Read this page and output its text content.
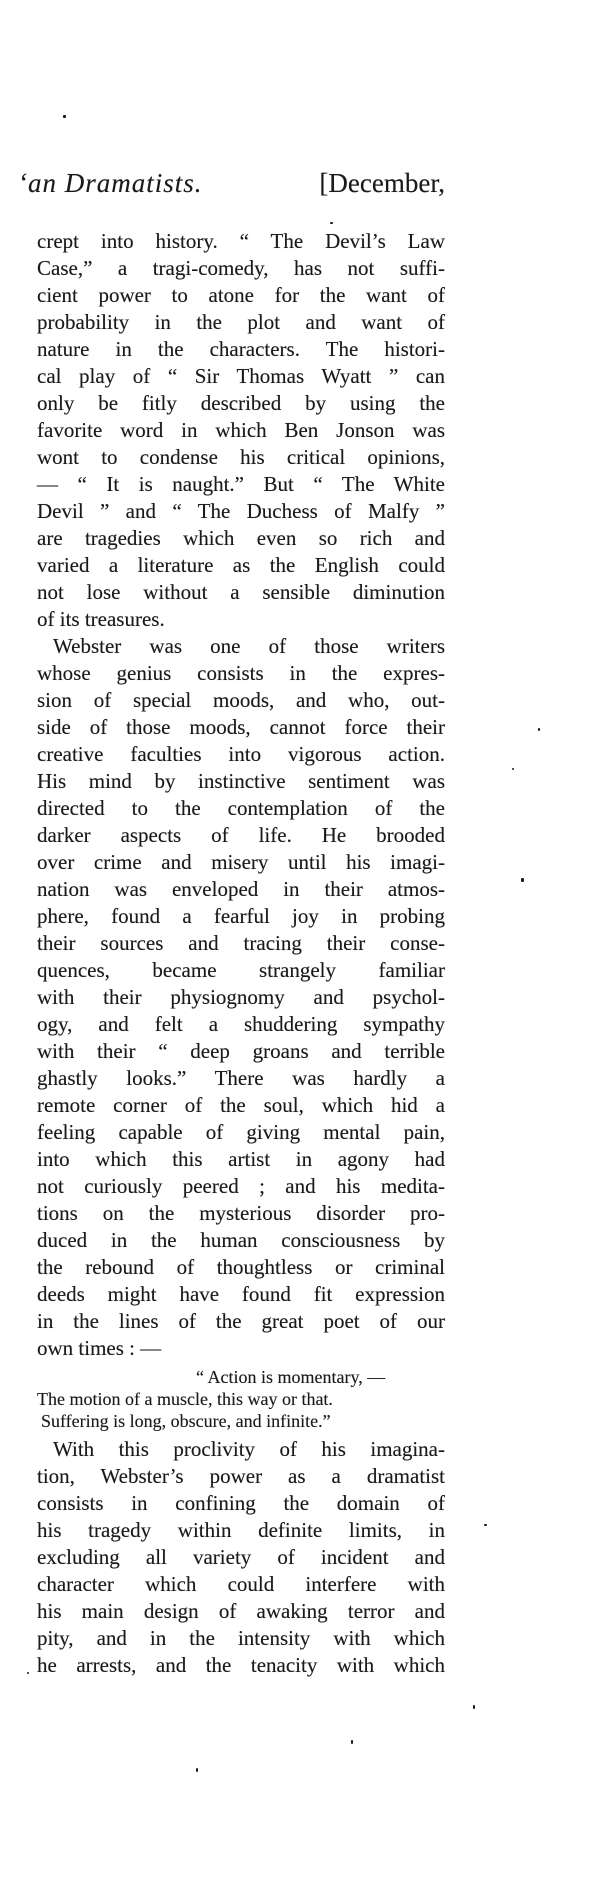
ʻan Dramatists.	[December,
crept into history. “ The Devil’s Law
Case,” a tragi-comedy, has not suffi-
cient power to atone for the want of
probability in the plot and want of
nature in the characters. The histori-
cal play of “ Sir Thomas Wyatt ” can
only be fitly described by using the
favorite word in which Ben Jonson was
wont to condense his critical opinions,
— “ It is naught.” But “ The White
Devil ” and “ The Duchess of Malfy ”
are tragedies which even so rich and
varied a literature as the English could
not lose without a sensible diminution
of its treasures.
Webster was one of those writers
whose genius consists in the expres-
sion of special moods, and who, out-
side of those moods, cannot force their
creative faculties into vigorous action.
His mind by instinctive sentiment was
directed to the contemplation of the
darker aspects of life. He brooded
over crime and misery until his imagi-
nation was enveloped in their atmos-
phere, found a fearful joy in probing
their sources and tracing their conse-
quences, became strangely familiar
with their physiognomy and psychol-
ogy, and felt a shuddering sympathy
with their “ deep groans and terrible
ghastly looks.” There was hardly a
remote corner of the soul, which hid a
feeling capable of giving mental pain,
into which this artist in agony had
not curiously peered ; and his medita-
tions on the mysterious disorder pro-
duced in the human consciousness by
the rebound of thoughtless or criminal
deeds might have found fit expression
in the lines of the great poet of our
own times : —
“ Action is momentary, —
The motion of a muscle, this way or that.
Suffering is long, obscure, and infinite.”
With this proclivity of his imagina-
tion, Webster’s power as a dramatist
consists in confining the domain of
his tragedy within definite limits, in
excluding all variety of incident and
character which could interfere with
his main design of awaking terror and
pity, and in the intensity with which
he arrests, and the tenacity with which
